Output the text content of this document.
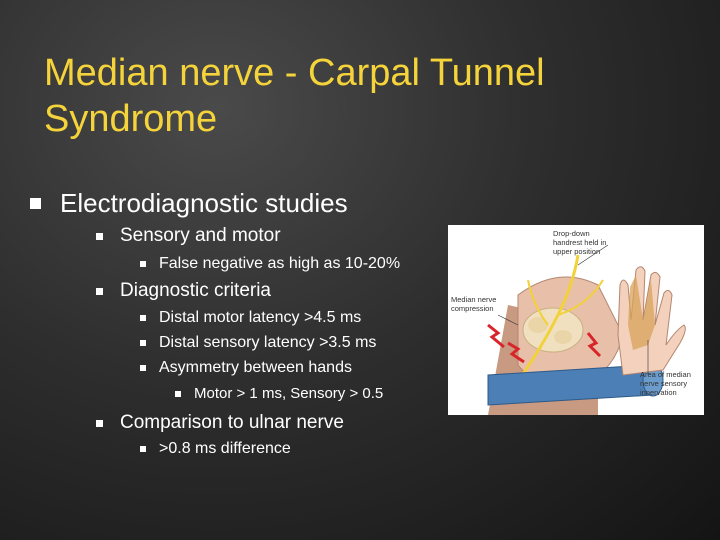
Median nerve - Carpal Tunnel Syndrome
Electrodiagnostic studies
Sensory and motor
False negative as high as 10-20%
Diagnostic criteria
Distal motor latency >4.5 ms
Distal sensory latency >3.5 ms
Asymmetry between hands
Motor > 1 ms, Sensory > 0.5
Comparison to ulnar nerve
>0.8 ms difference
Drop-down handrest held in upper position
Median nerve compression
Area of median nerve sensory innervation
